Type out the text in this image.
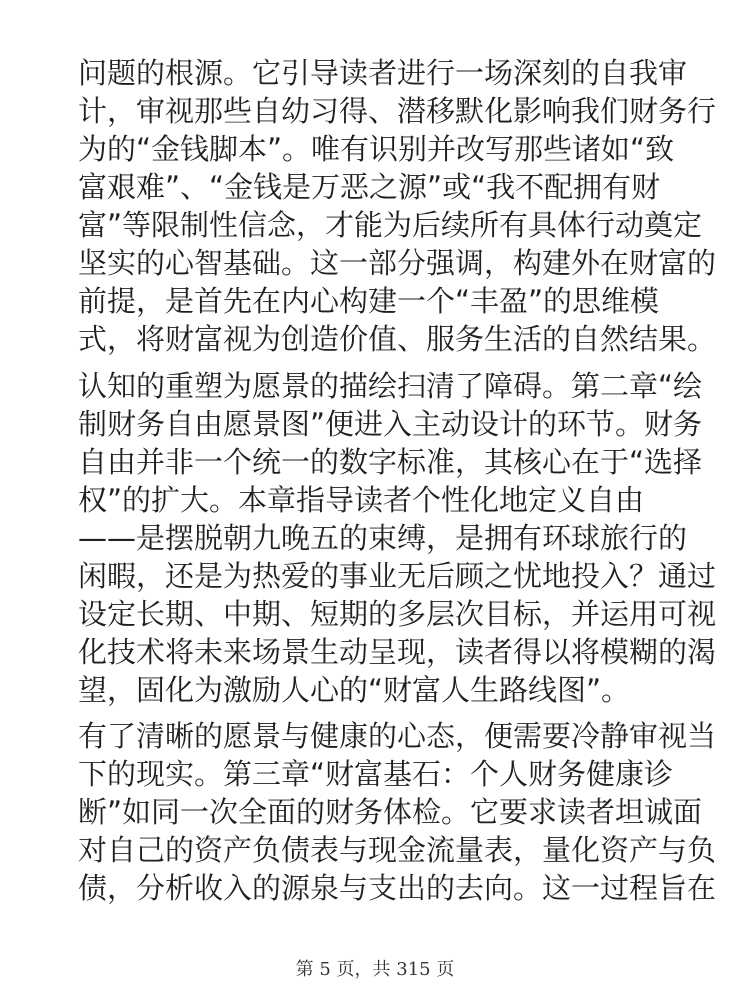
问题的根源。它引导读者进行一场深刻的自我审
计，审视那些自幼习得、潜移默化影响我们财务行
为的“金钱脚本”。唯有识别并改写那些诸如“致
富艰难”、“金钱是万恶之源”或“我不配拥有财
富”等限制性信念，才能为后续所有具体行动奠定
坚实的心智基础。这一部分强调，构建外在财富的
前提，是首先在内心构建一个“丰盈”的思维模
式，将财富视为创造价值、服务生活的自然结果。
认知的重塑为愿景的描绘扫清了障碍。第二章“绘
制财务自由愿景图”便进入主动设计的环节。财务
自由并非一个统一的数字标准，其核心在于“选择
权”的扩大。本章指导读者个性化地定义自由
——是摆脱朝九晚五的束缚，是拥有环球旅行的
闲暇，还是为热爱的事业无后顾之忧地投入？通过
设定长期、中期、短期的多层次目标，并运用可视
化技术将未来场景生动呈现，读者得以将模糊的渴
望，固化为激励人心的“财富人生路线图”。
有了清晰的愿景与健康的心态，便需要冷静审视当
下的现实。第三章“财富基石：个人财务健康诊
断”如同一次全面的财务体检。它要求读者坦诚面
对自己的资产负债表与现金流量表，量化资产与负
债，分析收入的源泉与支出的去向。这一过程旨在
第 5 页，共 315 页
